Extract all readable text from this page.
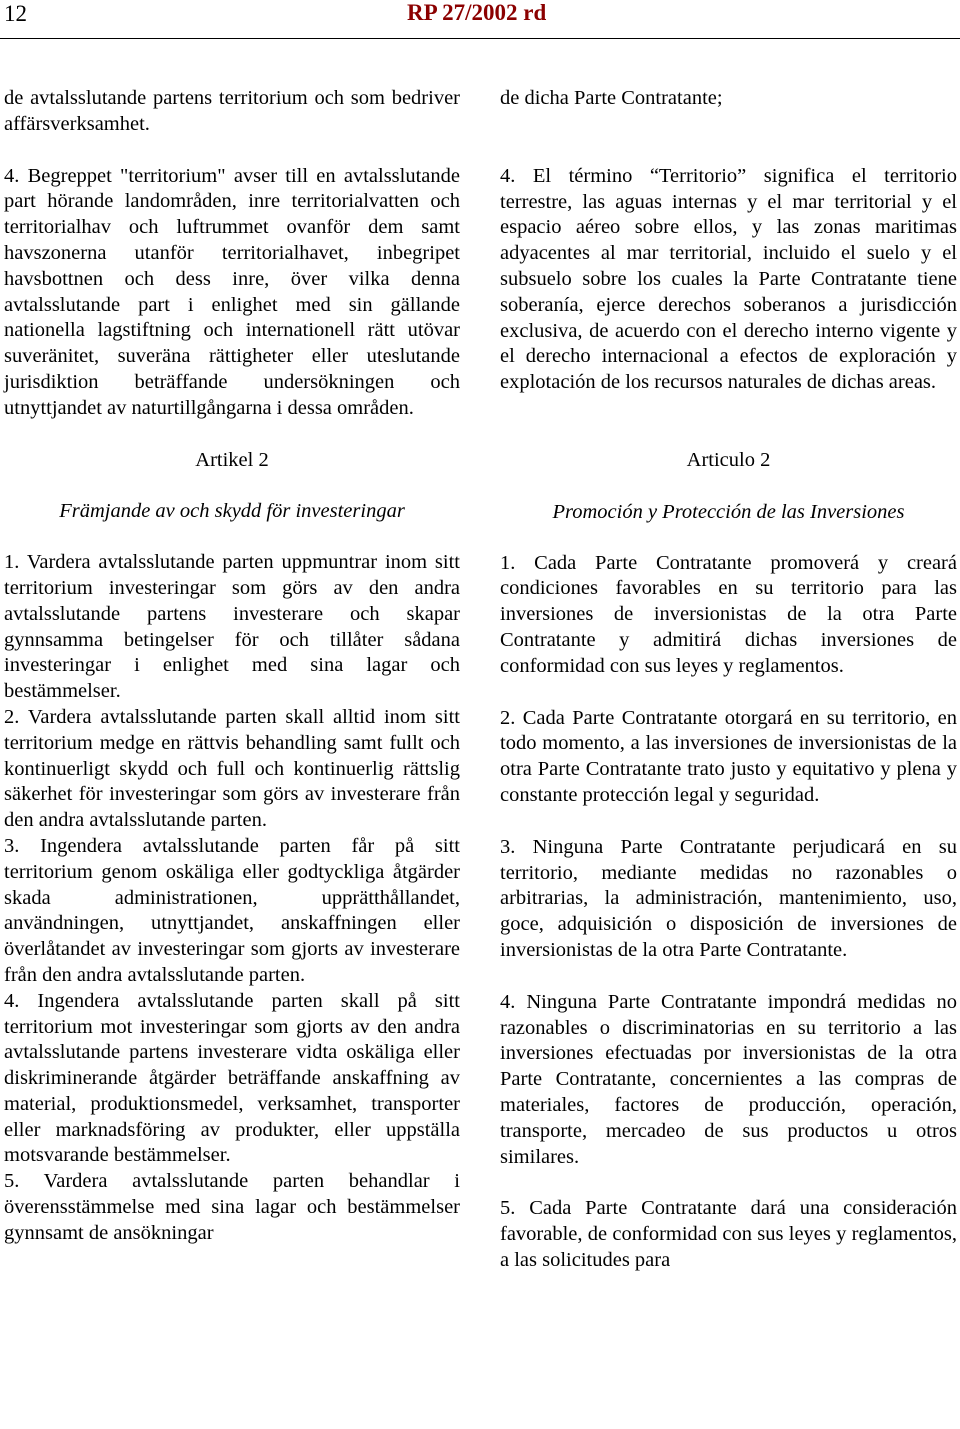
12	RP 27/2002 rd

de avtalsslutande partens territorium och som bedriver affärsverksamhet.

4. Begreppet "territorium" avser till en avtalsslutande part hörande landområden, inre territorialvatten och territorialhav och luftrummet ovanför dem samt havszonerna utanför territorialhavet, inbegripet havsbottnen och dess inre, över vilka denna avtalsslutande part i enlighet med sin gällande nationella lagstiftning och internationell rätt utövar suveränitet, suveräna rättigheter eller uteslutande jurisdiktion beträffande undersökningen och utnyttjandet av naturtillgångarna i dessa områden.

Artikel 2

Främjande av och skydd för investeringar

1. Vardera avtalsslutande parten uppmuntrar inom sitt territorium investeringar som görs av den andra avtalsslutande partens investerare och skapar gynnsamma betingelser för och tillåter sådana investeringar i enlighet med sina lagar och bestämmelser.

2. Vardera avtalsslutande parten skall alltid inom sitt territorium medge en rättvis behandling samt fullt och kontinuerligt skydd och full och kontinuerlig rättslig säkerhet för investeringar som görs av investerare från den andra avtalsslutande parten.

3. Ingendera avtalsslutande parten får på sitt territorium genom oskäliga eller godtyckliga åtgärder skada administrationen, upprätthållandet, användningen, utnyttjandet, anskaffningen eller överlåtandet av investeringar som gjorts av investerare från den andra avtalsslutande parten.

4. Ingendera avtalsslutande parten skall på sitt territorium mot investeringar som gjorts av den andra avtalsslutande partens investerare vidta oskäliga eller diskriminerande åtgärder beträffande anskaffning av material, produktionsmedel, verksamhet, transporter eller marknadsföring av produkter, eller uppställa motsvarande bestämmelser.

5. Vardera avtalsslutande parten behandlar i överensstämmelse med sina lagar och bestämmelser gynnsamt de ansökningar

de dicha Parte Contratante;

4. El término “Territorio” significa el territorio terrestre, las aguas internas y el mar territorial y el espacio aéreo sobre ellos, y las zonas maritimas adyacentes al mar territorial, incluido el suelo y el subsuelo sobre los cuales la Parte Contratante tiene soberanía, ejerce derechos soberanos a jurisdicción exclusiva, de acuerdo con el derecho interno vigente y el derecho internacional a efectos de exploración y explotación de los recursos naturales de dichas areas.

Articulo 2

Promoción y Protección de las Inversiones

1. Cada Parte Contratante promoverá y creará condiciones favorables en su territorio para las inversiones de inversionistas de la otra Parte Contratante y admitirá dichas inversiones de conformidad con sus leyes y reglamentos.

2. Cada Parte Contratante otorgará en su territorio, en todo momento, a las inversiones de inversionistas de la otra Parte Contratante trato justo y equitativo y plena y constante protección legal y seguridad.

3. Ninguna Parte Contratante perjudicará en su territorio, mediante medidas no razonables o arbitrarias, la administración, mantenimiento, uso, goce, adquisición o disposición de inversiones de inversionistas de la otra Parte Contratante.

4. Ninguna Parte Contratante impondrá medidas no razonables o discriminatorias en su territorio a las inversiones efectuadas por inversionistas de la otra Parte Contratante, concernientes a las compras de materiales, factores de producción, operación, transporte, mercadeo de sus productos u otros similares.

5. Cada Parte Contratante dará una consideración favorable, de conformidad con sus leyes y reglamentos, a las solicitudes para
